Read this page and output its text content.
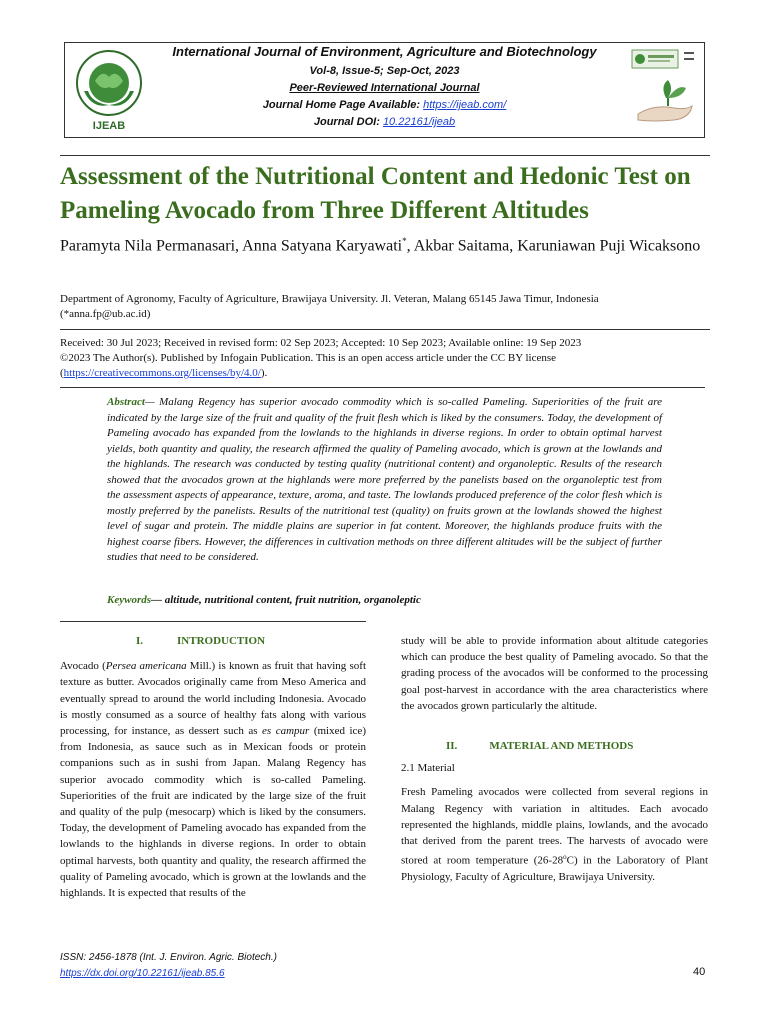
IJEAB
International Journal of Environment, Agriculture and Biotechnology
Vol-8, Issue-5; Sep-Oct, 2023
Peer-Reviewed International Journal
Journal Home Page Available: https://ijeab.com/
Journal DOI: 10.22161/ijeab
Assessment of the Nutritional Content and Hedonic Test on Pameling Avocado from Three Different Altitudes
Paramyta Nila Permanasari, Anna Satyana Karyawati*, Akbar Saitama, Karuniawan Puji Wicaksono
Department of Agronomy, Faculty of Agriculture, Brawijaya University. Jl. Veteran, Malang 65145 Jawa Timur, Indonesia
(*anna.fp@ub.ac.id)
Received: 30 Jul 2023; Received in revised form: 02 Sep 2023; Accepted: 10 Sep 2023; Available online: 19 Sep 2023
©2023 The Author(s). Published by Infogain Publication. This is an open access article under the CC BY license
(https://creativecommons.org/licenses/by/4.0/).
Abstract— Malang Regency has superior avocado commodity which is so-called Pameling. Superiorities of the fruit are indicated by the large size of the fruit and quality of the fruit flesh which is liked by the consumers. Today, the development of Pameling avocado has expanded from the lowlands to the highlands in diverse regions. In order to obtain optimal harvest yields, both quantity and quality, the research affirmed the quality of Pameling avocado, which is grown at the lowlands and the highlands. The research was conducted by testing quality (nutritional content) and organoleptic. Results of the research showed that the avocados grown at the highlands were more preferred by the panelists based on the organoleptic test from the assessment aspects of appearance, texture, aroma, and taste. The lowlands produced preference of the color flesh which is mostly preferred by the panelists. Results of the nutritional test (quality) on fruits grown at the lowlands showed the highest level of sugar and protein. The middle plains are superior in fat content. Moreover, the highlands produce fruits with the highest coarse fibers. However, the differences in cultivation methods on three different altitudes will be the subject of further studies that need to be considered.
Keywords— altitude, nutritional content, fruit nutrition, organoleptic
I.	INTRODUCTION

Avocado (Persea americana Mill.) is known as fruit that having soft texture as butter. Avocados originally came from Meso America and eventually spread to around the world including Indonesia. Avocado is mostly consumed as a source of healthy fats along with various processing, for instance, as dessert such as es campur (mixed ice) from Indonesia, as sauce such as in Mexican foods or protein companions such as in sushi from Japan. Malang Regency has superior avocado commodity which is so-called Pameling. Superiorities of the fruit are indicated by the large size of the fruit and quality of the pulp (mesocarp) which is liked by the consumers. Today, the development of Pameling avocado has expanded from the lowlands to the highlands in diverse regions. In order to obtain optimal harvests, both quantity and quality, the research affirmed the quality of Pameling avocado, which is grown at the lowlands and the highlands. It is expected that results of the

study will be able to provide information about altitude categories which can produce the best quality of Pameling avocado. So that the grading process of the avocados will be conformed to the processing goal post-harvest in accordance with the area characteristics where the avocados grown particularly the altitude.

II.	MATERIAL AND METHODS

2.1 Material

Fresh Pameling avocados were collected from several regions in Malang Regency with variation in altitudes. Each avocado represented the highlands, middle plains, lowlands, and the avocado that derived from the parent trees. The harvests of avocado were stored at room temperature (26-28$^o$C) in the Laboratory of Plant Physiology, Faculty of Agriculture, Brawijaya University.

ISSN: 2456-1878 (Int. J. Environ. Agric. Biotech.)
https://dx.doi.org/10.22161/ijeab.85.6	40
